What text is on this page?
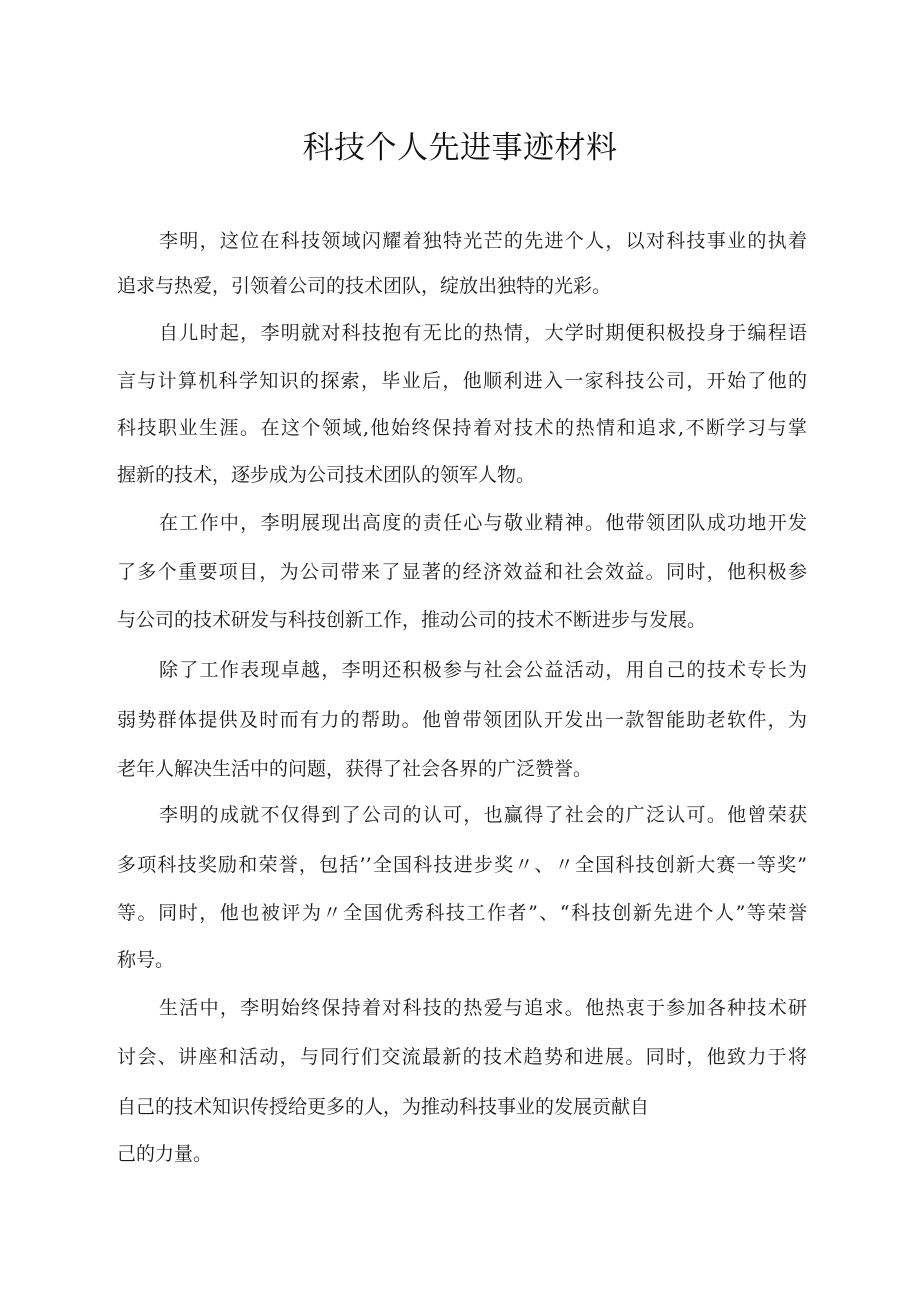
科技个人先进事迹材料
李明，这位在科技领域闪耀着独特光芒的先进个人，以对科技事业的执着
追求与热爱，引领着公司的技术团队，绽放出独特的光彩。
自儿时起，李明就对科技抱有无比的热情，大学时期便积极投身于编程语
言与计算机科学知识的探索，毕业后，他顺利进入一家科技公司，开始了他的
科技职业生涯。在这个领域,他始终保持着对技术的热情和追求,不断学习与掌
握新的技术，逐步成为公司技术团队的领军人物。
在工作中，李明展现出高度的责任心与敬业精神。他带领团队成功地开发
了多个重要项目，为公司带来了显著的经济效益和社会效益。同时，他积极参
与公司的技术研发与科技创新工作，推动公司的技术不断进步与发展。
除了工作表现卓越，李明还积极参与社会公益活动，用自己的技术专长为
弱势群体提供及时而有力的帮助。他曾带领团队开发出一款智能助老软件，为
老年人解决生活中的问题，获得了社会各界的广泛赞誉。
李明的成就不仅得到了公司的认可，也赢得了社会的广泛认可。他曾荣获
多项科技奖励和荣誉，包括’’全国科技进步奖〃、〃全国科技创新大赛一等奖”
等。同时，他也被评为〃全国优秀科技工作者”、“科技创新先进个人”等荣誉
称号。
生活中，李明始终保持着对科技的热爱与追求。他热衷于参加各种技术研
讨会、讲座和活动，与同行们交流最新的技术趋势和进展。同时，他致力于将
自己的技术知识传授给更多的人，为推动科技事业的发展贡献自
己的力量。
